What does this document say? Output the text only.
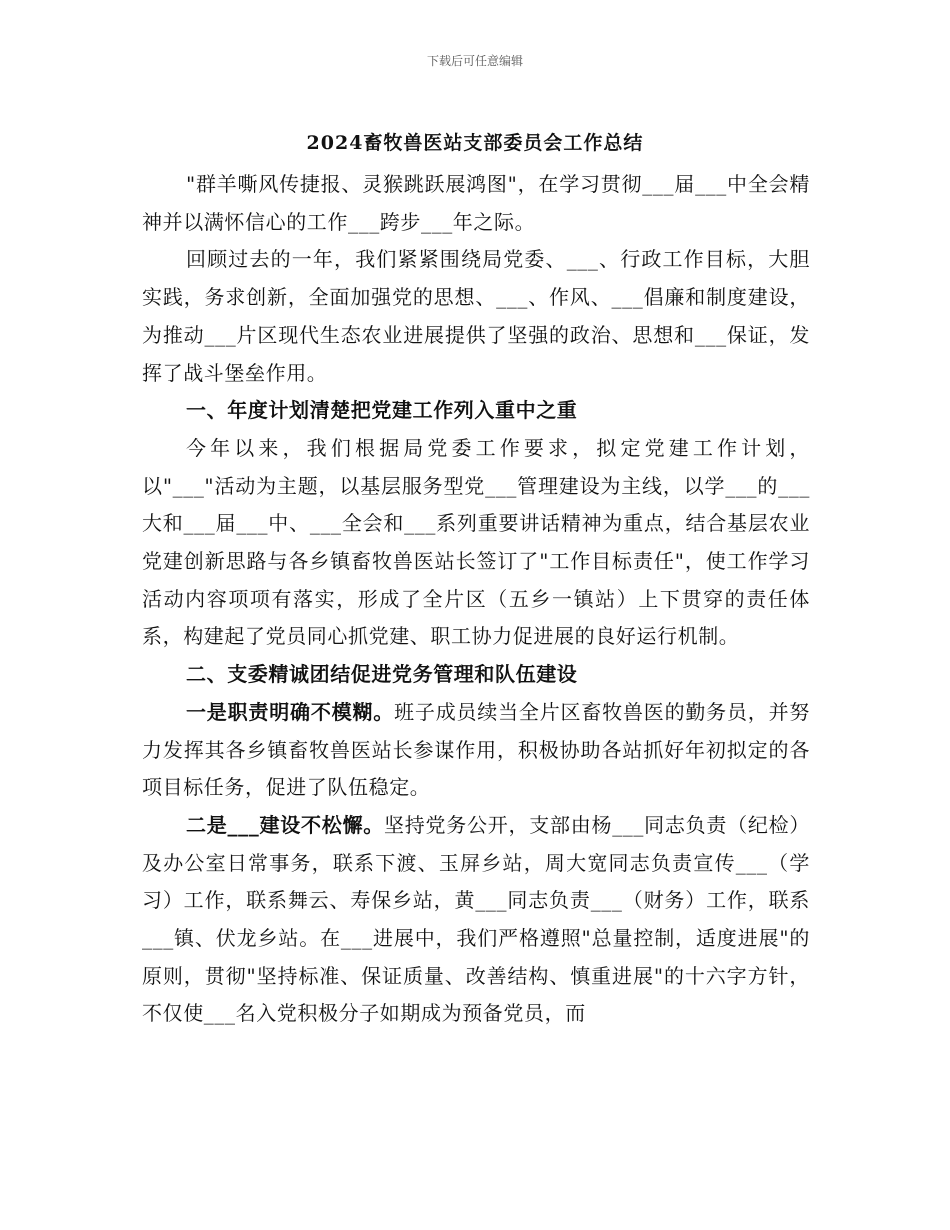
下载后可任意编辑
2024畜牧兽医站支部委员会工作总结

"群羊嘶风传捷报、灵猴跳跃展鸿图"，在学习贯彻___届___中全会精神并以满怀信心的工作___跨步___年之际。

回顾过去的一年，我们紧紧围绕局党委、___、行政工作目标，大胆实践，务求创新，全面加强党的思想、___、作风、___倡廉和制度建设，为推动___片区现代生态农业进展提供了坚强的政治、思想和___保证，发挥了战斗堡垒作用。

一、年度计划清楚把党建工作列入重中之重

今年以来，我们根据局党委工作要求，拟定党建工作计划，以"___"活动为主题，以基层服务型党___管理建设为主线，以学___的___大和___届___中、___全会和___系列重要讲话精神为重点，结合基层农业党建创新思路与各乡镇畜牧兽医站长签订了"工作目标责任"，使工作学习活动内容项项有落实，形成了全片区（五乡一镇站）上下贯穿的责任体系，构建起了党员同心抓党建、职工协力促进展的良好运行机制。

二、支委精诚团结促进党务管理和队伍建设

一是职责明确不模糊。班子成员续当全片区畜牧兽医的勤务员，并努力发挥其各乡镇畜牧兽医站长参谋作用，积极协助各站抓好年初拟定的各项目标任务，促进了队伍稳定。

二是___建设不松懈。坚持党务公开，支部由杨___同志负责（纪检）及办公室日常事务，联系下渡、玉屏乡站，周大宽同志负责宣传___（学习）工作，联系舞云、寿保乡站，黄___同志负责___（财务）工作，联系___镇、伏龙乡站。在___进展中，我们严格遵照"总量控制，适度进展"的原则，贯彻"坚持标准、保证质量、改善结构、慎重进展"的十六字方针，不仅使___名入党积极分子如期成为预备党员，而
